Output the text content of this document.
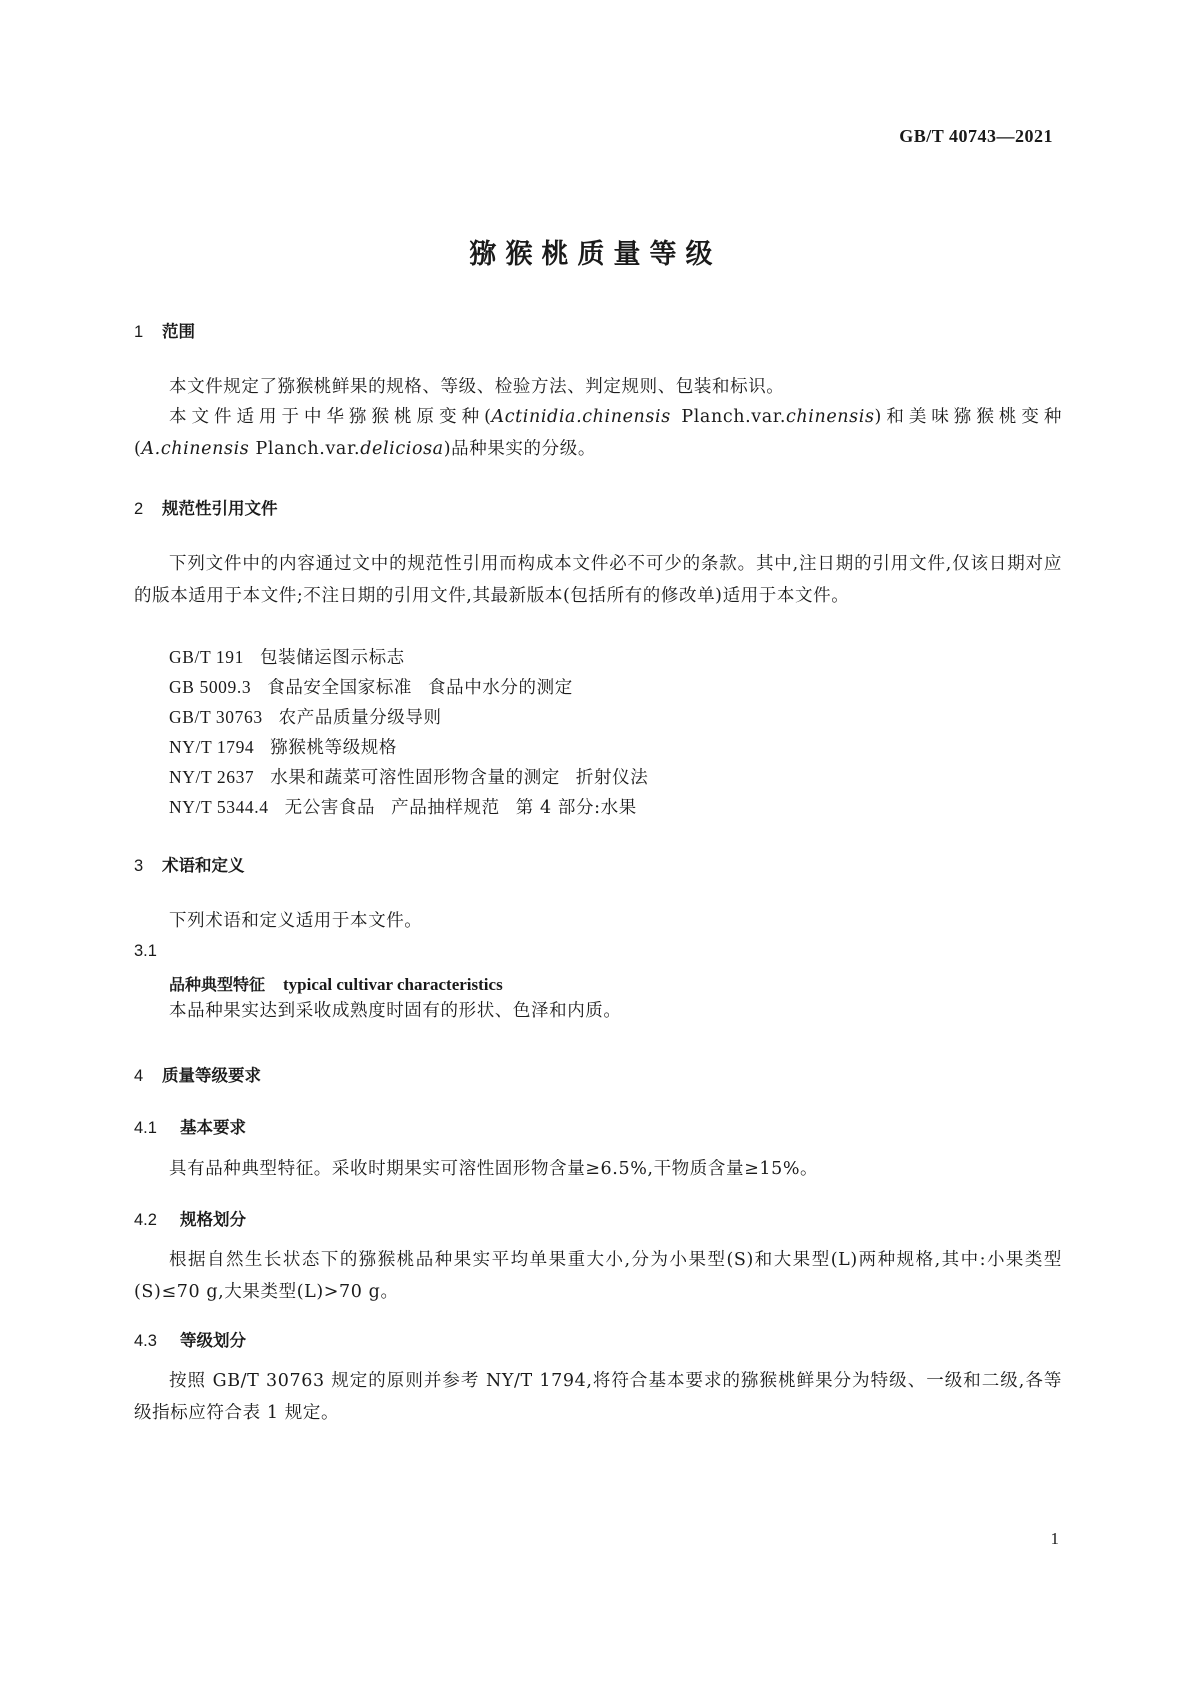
GB/T 40743—2021
猕猴桃质量等级
1 范围

本文件规定了猕猴桃鲜果的规格、等级、检验方法、判定规则、包装和标识。

本文件适用于中华猕猴桃原变种(Actinidia.chinensis Planch.var.chinensis)和美味猕猴桃变种(A.chinensis Planch.var.deliciosa)品种果实的分级。

2 规范性引用文件

下列文件中的内容通过文中的规范性引用而构成本文件必不可少的条款。其中,注日期的引用文件,仅该日期对应的版本适用于本文件;不注日期的引用文件,其最新版本(包括所有的修改单)适用于本文件。

GB/T 191 包装储运图示标志
GB 5009.3 食品安全国家标准 食品中水分的测定
GB/T 30763 农产品质量分级导则
NY/T 1794 猕猴桃等级规格
NY/T 2637 水果和蔬菜可溶性固形物含量的测定 折射仪法
NY/T 5344.4 无公害食品 产品抽样规范 第 4 部分:水果
3 术语和定义

下列术语和定义适用于本文件。

3.1
品种典型特征 typical cultivar characteristics

本品种果实达到采收成熟度时固有的形状、色泽和内质。

4 质量等级要求
4.1 基本要求

具有品种典型特征。采收时期果实可溶性固形物含量≥6.5%,干物质含量≥15%。

4.2 规格划分

根据自然生长状态下的猕猴桃品种果实平均单果重大小,分为小果型(S)和大果型(L)两种规格,其中:小果类型(S)≤70 g,大果类型(L)>70 g。

4.3 等级划分

按照 GB/T 30763 规定的原则并参考 NY/T 1794,将符合基本要求的猕猴桃鲜果分为特级、一级和二级,各等级指标应符合表 1 规定。

1
